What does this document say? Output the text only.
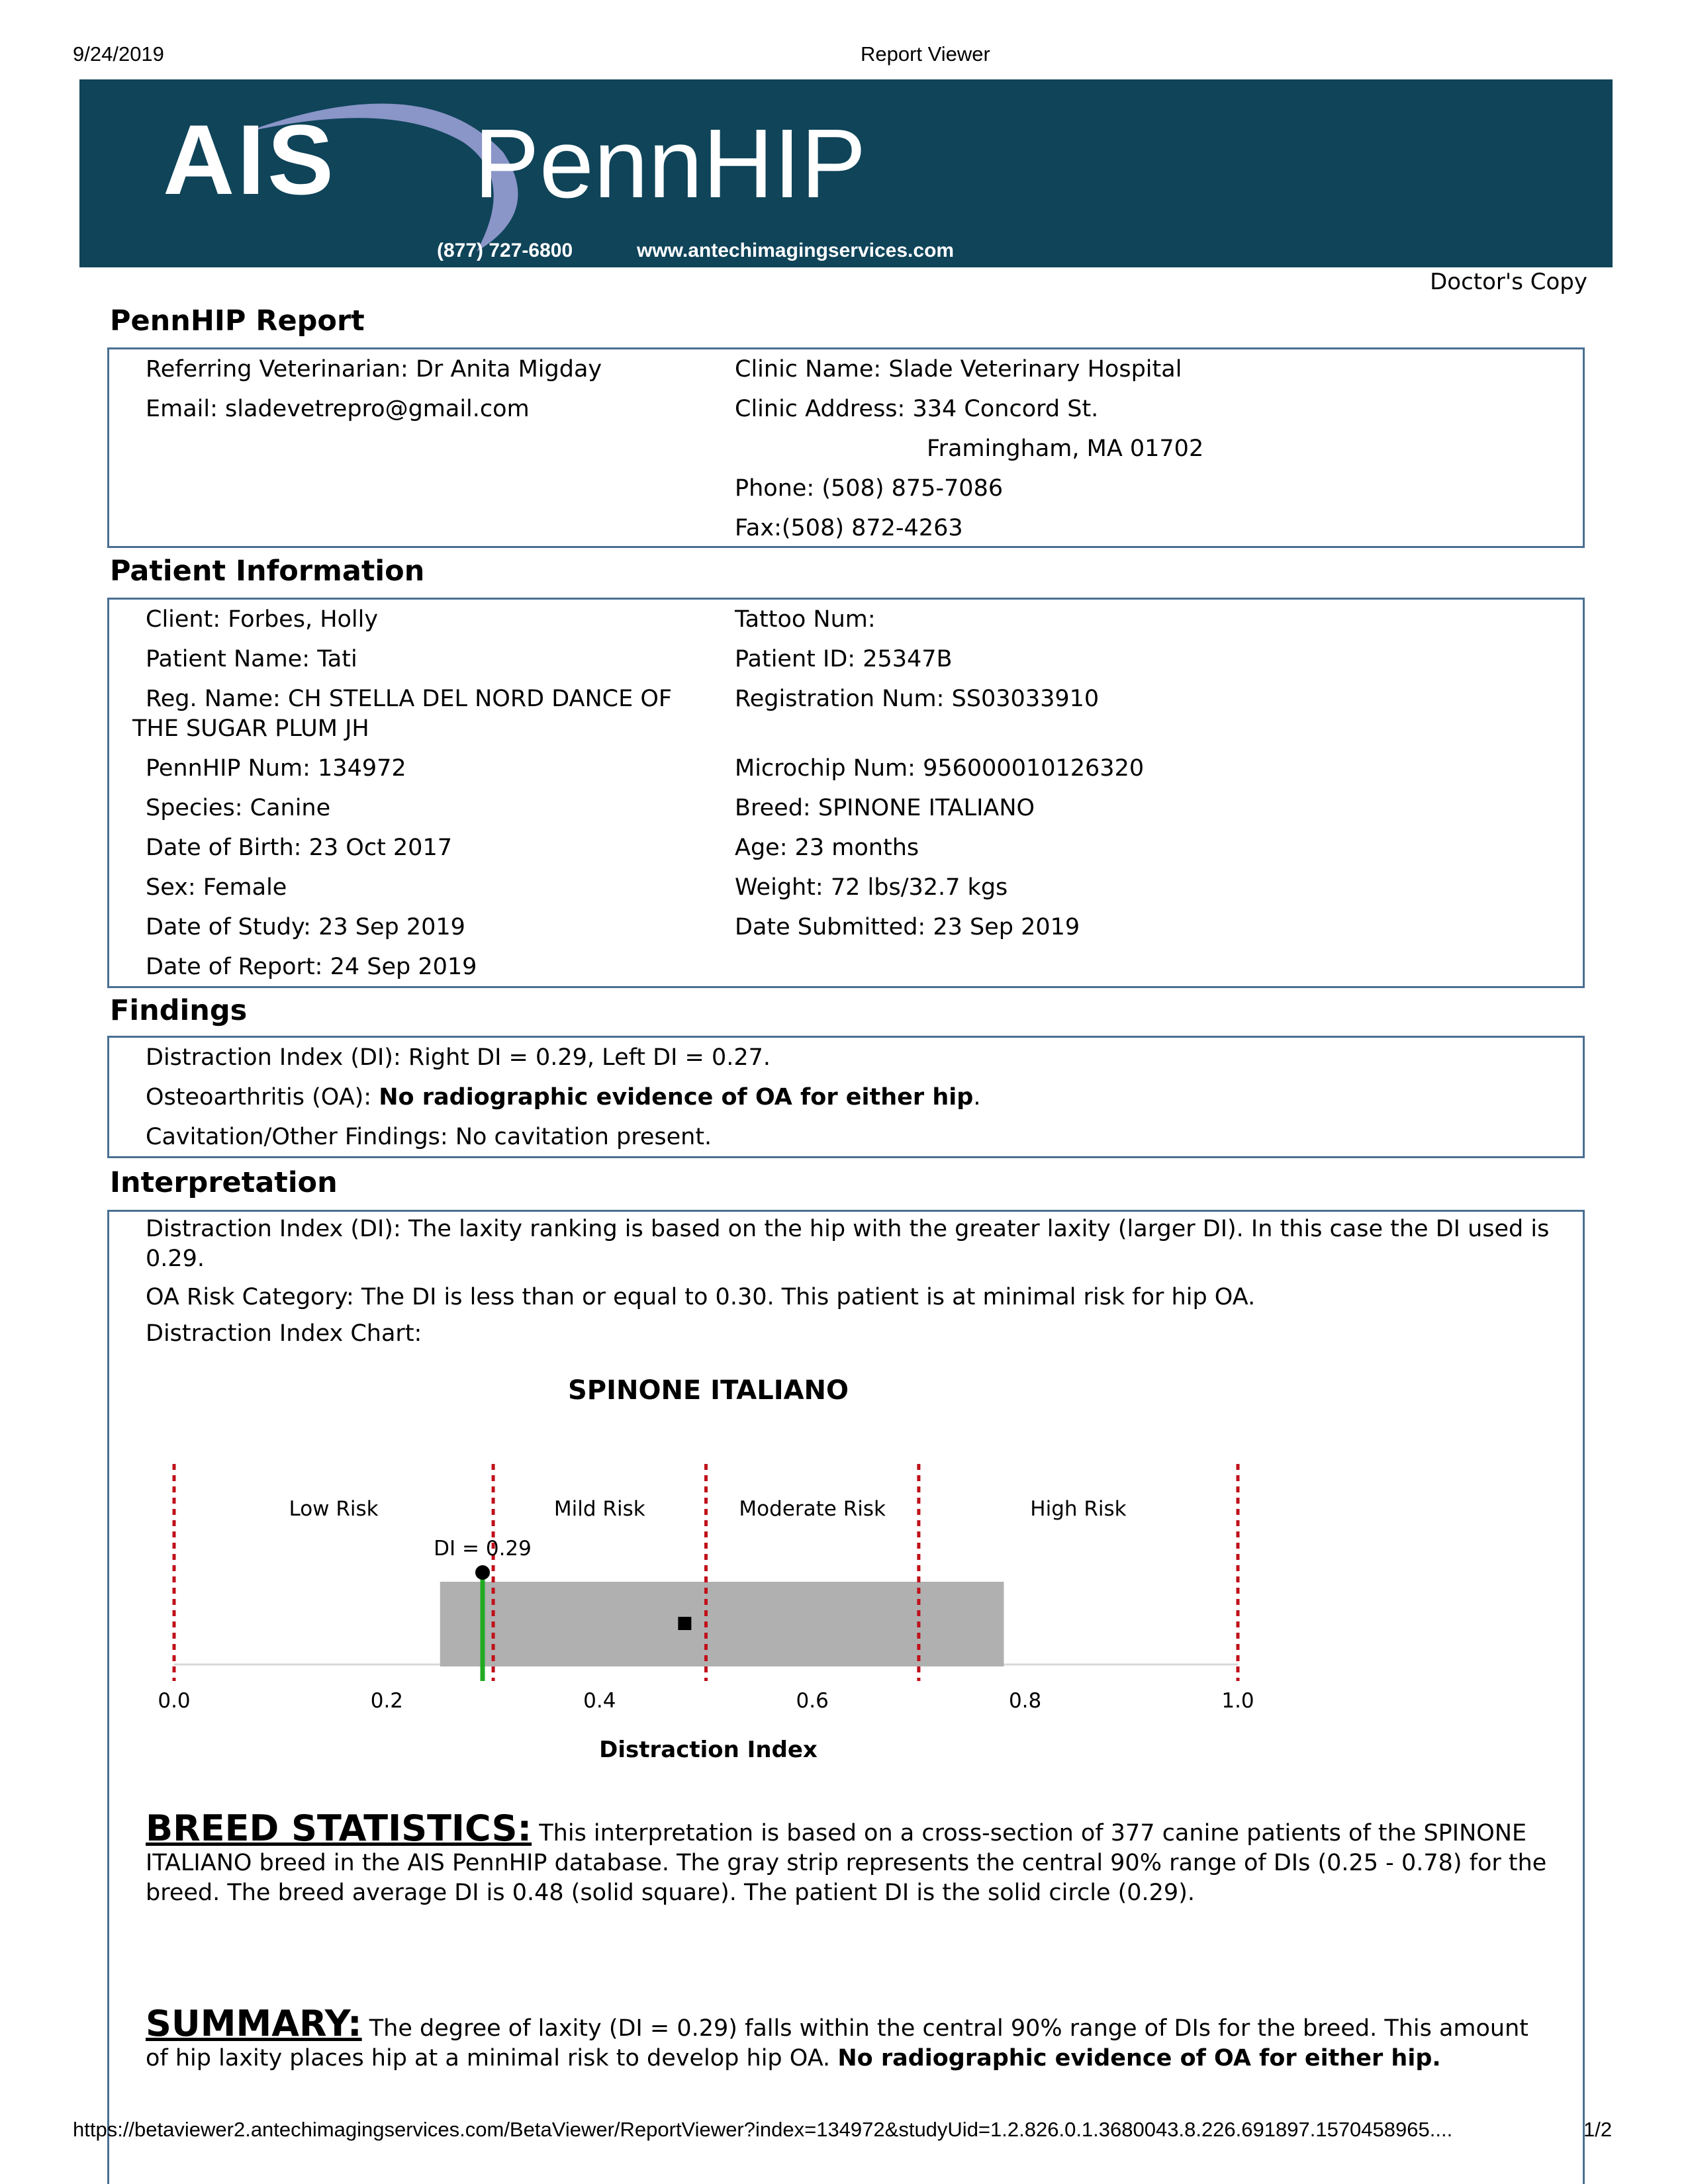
9/24/2019	Report Viewer
AIS PennHIP
(877) 727-6800	www.antechimagingservices.com
Doctor's Copy
PennHIP Report
Referring Veterinarian: Dr Anita Migday
Email: sladevetrepro@gmail.com
Clinic Name: Slade Veterinary Hospital
Clinic Address: 334 Concord St.
Framingham, MA 01702
Phone: (508) 875-7086
Fax:(508) 872-4263
Patient Information
Client: Forbes, Holly	Tattoo Num:
Patient Name: Tati	Patient ID: 25347B
Reg. Name: CH STELLA DEL NORD DANCE OF
THE SUGAR PLUM JH
Registration Num: SS03033910
PennHIP Num: 134972	Microchip Num: 956000010126320
Species: Canine	Breed: SPINONE ITALIANO
Date of Birth: 23 Oct 2017	Age: 23 months
Sex: Female	Weight: 72 lbs/32.7 kgs
Date of Study: 23 Sep 2019	Date Submitted: 23 Sep 2019
Date of Report: 24 Sep 2019
Findings
Distraction Index (DI): Right DI = 0.29, Left DI = 0.27.
Osteoarthritis (OA): No radiographic evidence of OA for either hip.
Cavitation/Other Findings: No cavitation present.
Interpretation
Distraction Index (DI): The laxity ranking is based on the hip with the greater laxity (larger DI). In this case the DI used is 0.29.
OA Risk Category: The DI is less than or equal to 0.30. This patient is at minimal risk for hip OA.
Distraction Index Chart:
SPINONE ITALIANO
Low Risk	Mild Risk	Moderate Risk	High Risk
0.0	0.2	0.4	0.6	0.8	1.0
DI = 0.29
Distraction Index
BREED STATISTICS: This interpretation is based on a cross-section of 377 canine patients of the SPINONE ITALIANO breed in the AIS PennHIP database. The gray strip represents the central 90% range of DIs (0.25 - 0.78) for the breed. The breed average DI is 0.48 (solid square). The patient DI is the solid circle (0.29).
SUMMARY: The degree of laxity (DI = 0.29) falls within the central 90% range of DIs for the breed. This amount of hip laxity places hip at a minimal risk to develop hip OA. No radiographic evidence of OA for either hip.
https://betaviewer2.antechimagingservices.com/BetaViewer/ReportViewer?index=134972&studyUid=1.2.826.0.1.3680043.8.226.691897.1570458965....	1/2
